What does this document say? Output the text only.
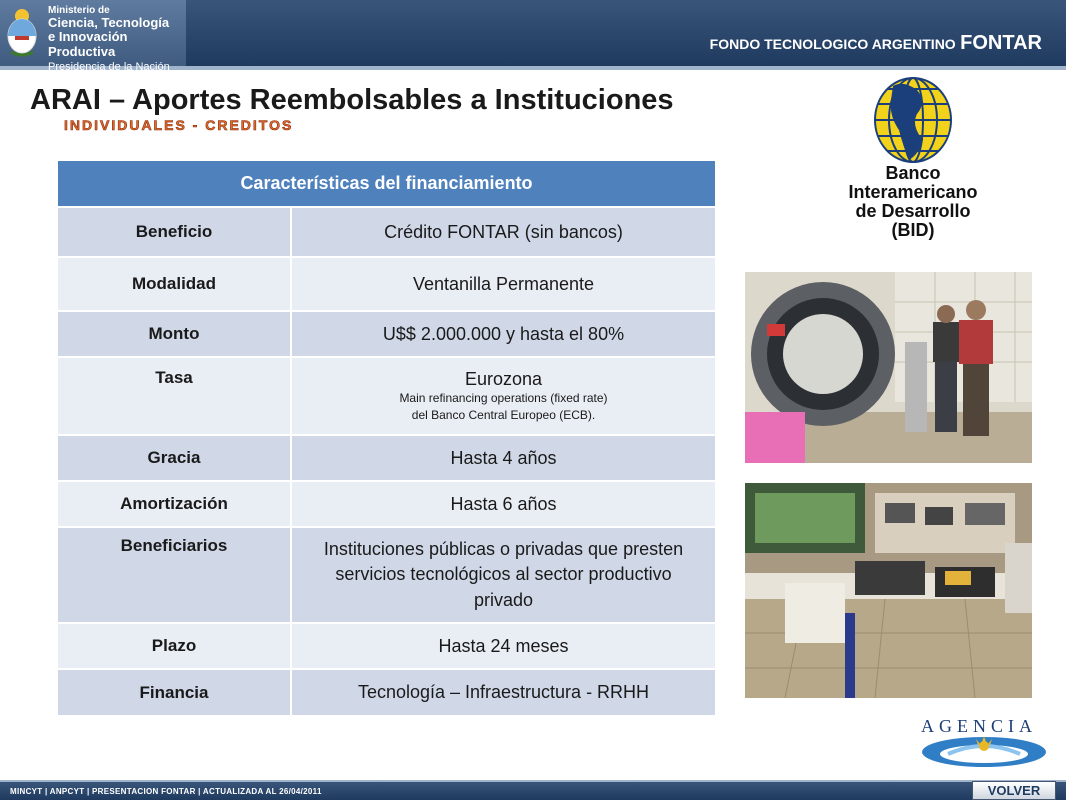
Ministerio de
Ciencia, Tecnología
e Innovación Productiva
Presidencia de la Nación
FONDO TECNOLOGICO ARGENTINO FONTAR
ARAI – Aportes Reembolsables a Instituciones
INDIVIDUALES - CREDITOS
Características del financiamiento	
Beneficio	Crédito FONTAR (sin bancos)
Modalidad	Ventanilla Permanente
Monto	U$$ 2.000.000 y hasta el 80%
Tasa	Eurozona
Main refinancing operations (fixed rate)
del Banco Central Europeo (ECB).

Gracia	Hasta 4 años
Amortización	Hasta 6 años
Beneficiarios	Instituciones públicas o privadas que presten servicios tecnológicos al sector productivo privado
Plazo	Hasta 24 meses
Financia	Tecnología – Infraestructura - RRHH
Banco
Interamericano
de Desarrollo
(BID)
AGENCIA
MINCYT | ANPCYT | PRESENTACION FONTAR | ACTUALIZADA AL 26/04/2011	VOLVER
